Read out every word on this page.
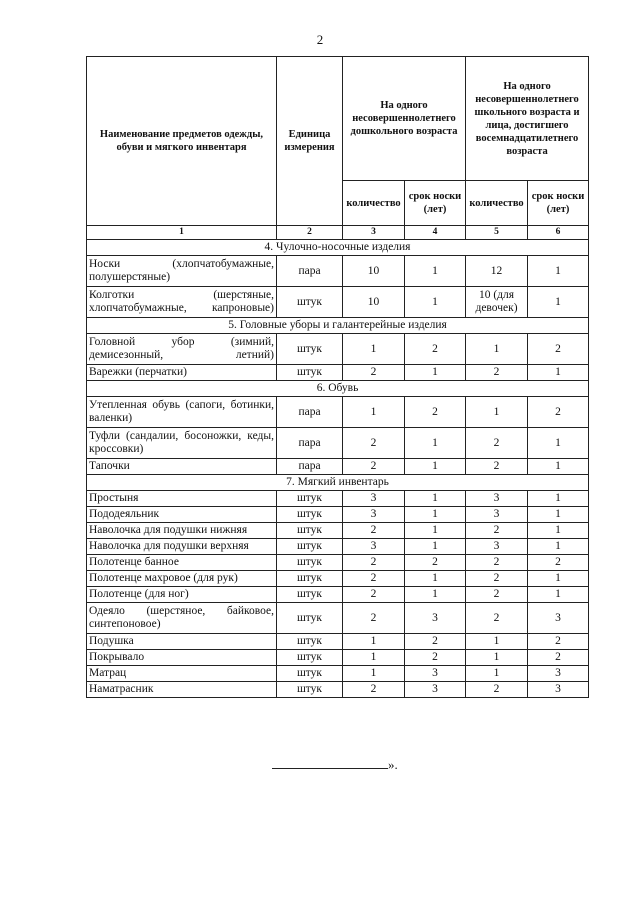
2
Наименование предметов одежды, обуви и мягкого инвентаря	Единица измерения	На одного несовершеннолетнего дошкольного возраста		На одного несовершеннолетнего школьного возраста и лица, достигшего восемнадцатилетнего возраста	
		количество	срок носки (лет)	количество	срок носки (лет)
1	2	3	4	5	6
4. Чулочно-носочные изделия					
Носки (хлопчатобумажные, полушерстяные)	пара	10	1	12	1
Колготки (шерстяные, хлопчатобумажные, капроновые)	штук	10	1	10 (для девочек)	1
5. Головные уборы и галантерейные изделия					
Головной убор (зимний, демисезонный, летний)	штук	1	2	1	2
Варежки (перчатки)	штук	2	1	2	1
6. Обувь					
Утепленная обувь (сапоги, ботинки, валенки)	пара	1	2	1	2
Туфли (сандалии, босоножки, кеды, кроссовки)	пара	2	1	2	1
Тапочки	пара	2	1	2	1
7. Мягкий инвентарь					
Простыня	штук	3	1	3	1
Пододеяльник	штук	3	1	3	1
Наволочка для подушки нижняя	штук	2	1	2	1
Наволочка для подушки верхняя	штук	3	1	3	1
Полотенце банное	штук	2	2	2	2
Полотенце махровое (для рук)	штук	2	1	2	1
Полотенце (для ног)	штук	2	1	2	1
Одеяло (шерстяное, байковое, синтепоновое)	штук	2	3	2	3
Подушка	штук	1	2	1	2
Покрывало	штук	1	2	1	2
Матрац	штук	1	3	1	3
Наматрасник	штук	2	3	2	3
».
